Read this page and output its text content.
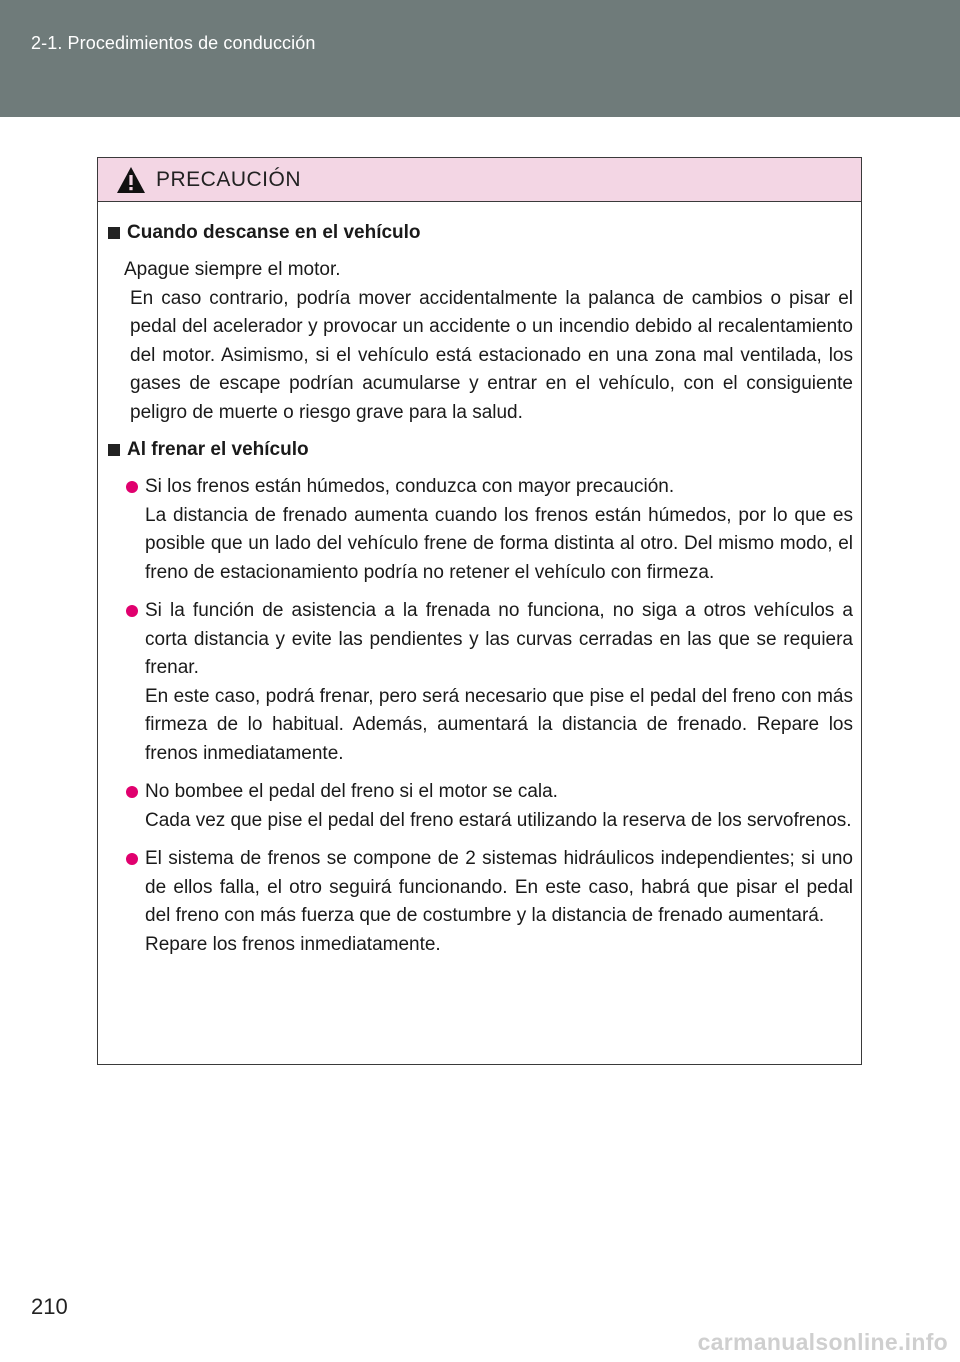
2-1. Procedimientos de conducción
PRECAUCIÓN
Cuando descanse en el vehículo

Apague siempre el motor.

En caso contrario, podría mover accidentalmente la palanca de cambios o pisar el pedal del acelerador y provocar un accidente o un incendio debido al recalentamiento del motor. Asimismo, si el vehículo está estacionado en una zona mal ventilada, los gases de escape podrían acumularse y entrar en el vehículo, con el consiguiente peligro de muerte o riesgo grave para la salud.

Al frenar el vehículo

Si los frenos están húmedos, conduzca con mayor precaución.

La distancia de frenado aumenta cuando los frenos están húmedos, por lo que es posible que un lado del vehículo frene de forma distinta al otro. Del mismo modo, el freno de estacionamiento podría no retener el vehículo con firmeza.

Si la función de asistencia a la frenada no funciona, no siga a otros vehículos a corta distancia y evite las pendientes y las curvas cerradas en las que se requiera frenar.

En este caso, podrá frenar, pero será necesario que pise el pedal del freno con más firmeza de lo habitual. Además, aumentará la distancia de frenado. Repare los frenos inmediatamente.

No bombee el pedal del freno si el motor se cala.

Cada vez que pise el pedal del freno estará utilizando la reserva de los servofrenos.

El sistema de frenos se compone de 2 sistemas hidráulicos independientes; si uno de ellos falla, el otro seguirá funcionando. En este caso, habrá que pisar el pedal del freno con más fuerza que de costumbre y la distancia de frenado aumentará.

Repare los frenos inmediatamente.

210
carmanualsonline.info
